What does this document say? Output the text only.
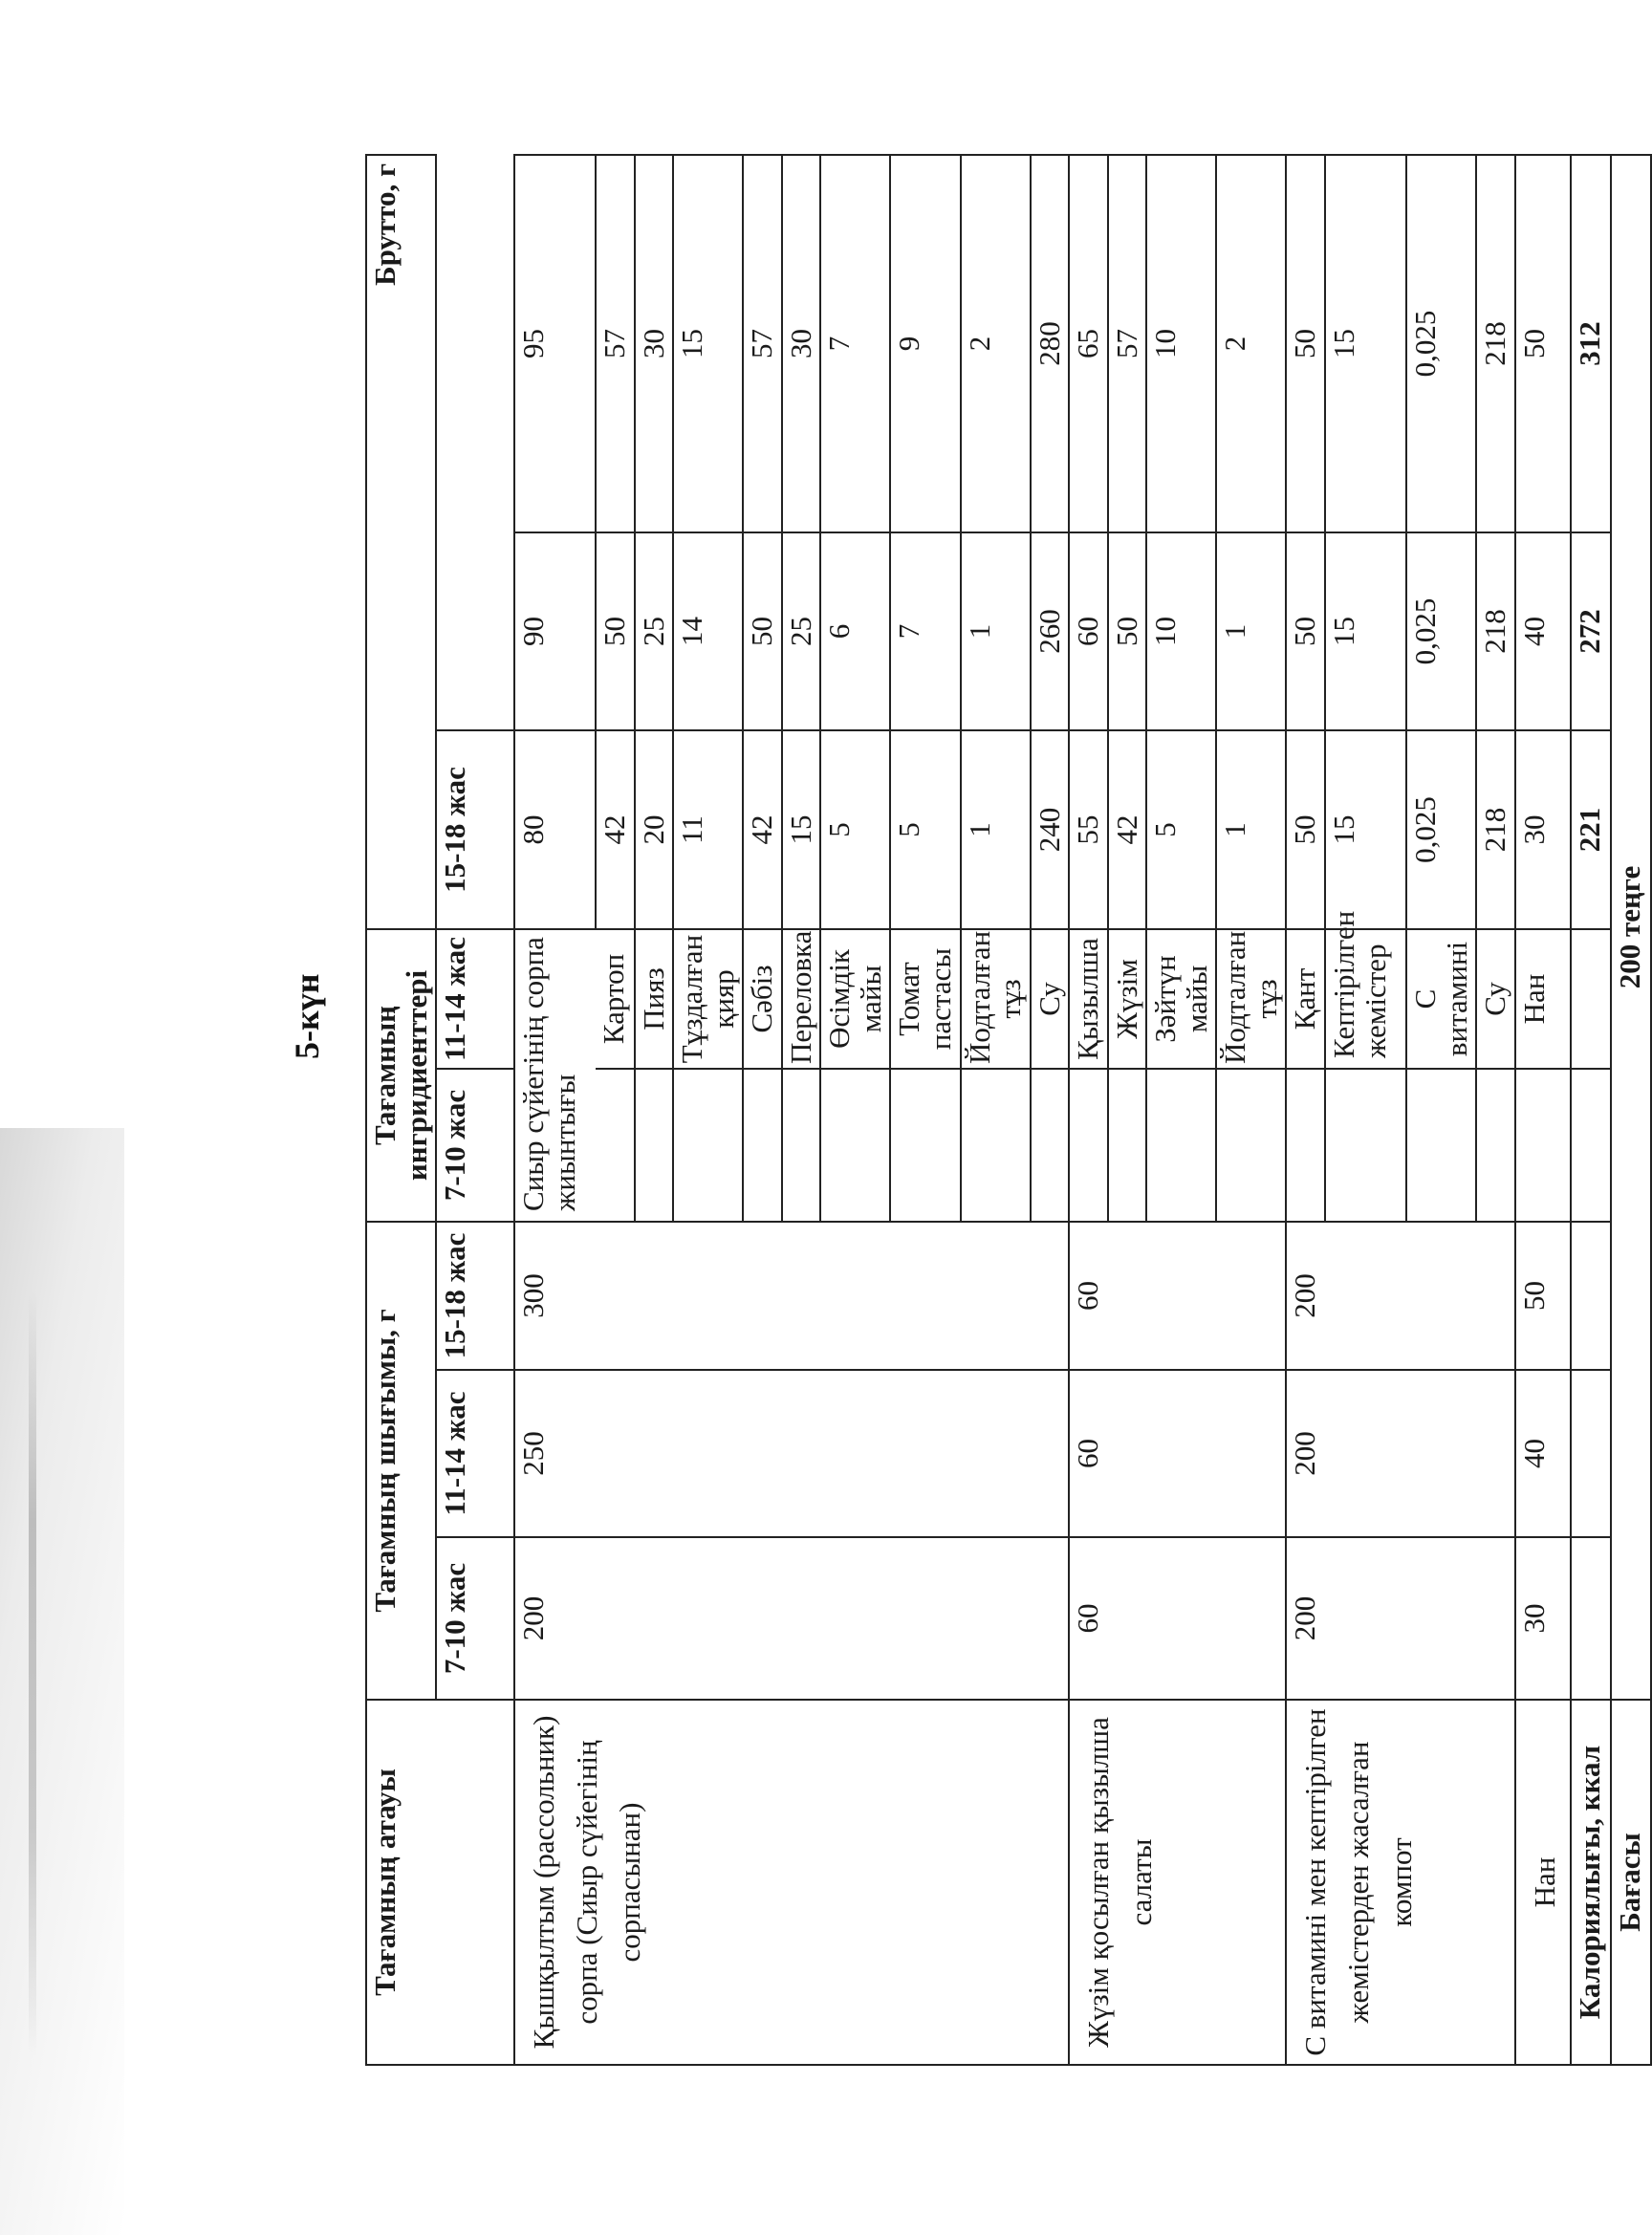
5-күн
Тағамның атауы	Тағамның шығымы, г			Тағамның ингридиенттері		Брутто, г		
	7-10 жас	11-14 жас	15-18 жас	7-10 жас	11-14 жас	15-18 жас		
Қышқылтым (рассольник) сорпа (Сиыр сүйегінің сорпасынан)	200	250	300	Сиыр сүйегінің сорпа жиынтығы		80	90	95
					Картоп	42	50	57
					Пияз	20	25	30
					Тұздалған қияр	11	14	15
					Сәбіз	42	50	57
					Переловка	15	25	30
					Өсімдік майы	5	6	7
					Томат пастасы	5	7	9
					Йодталған тұз	1	1	2
					Су	240	260	280
Жүзім қосылған қызылша салаты	60	60	60		Қызылша	55	60	65
					Жүзім	42	50	57
					Зәйтүн майы	5	10	10
					Йодталған тұз	1	1	2
С витамині мен кептірілген жемістерден жасалған компот	200	200	200		Қант	50	50	50
					Кептірілген жемістер	15	15	15
					С витамині	0,025	0,025	0,025
					Су	218	218	218
Нан	30	40	50		Нан	30	40	50
Калориялығы, ккал						221	272	312
Бағасы	200 теңге							
